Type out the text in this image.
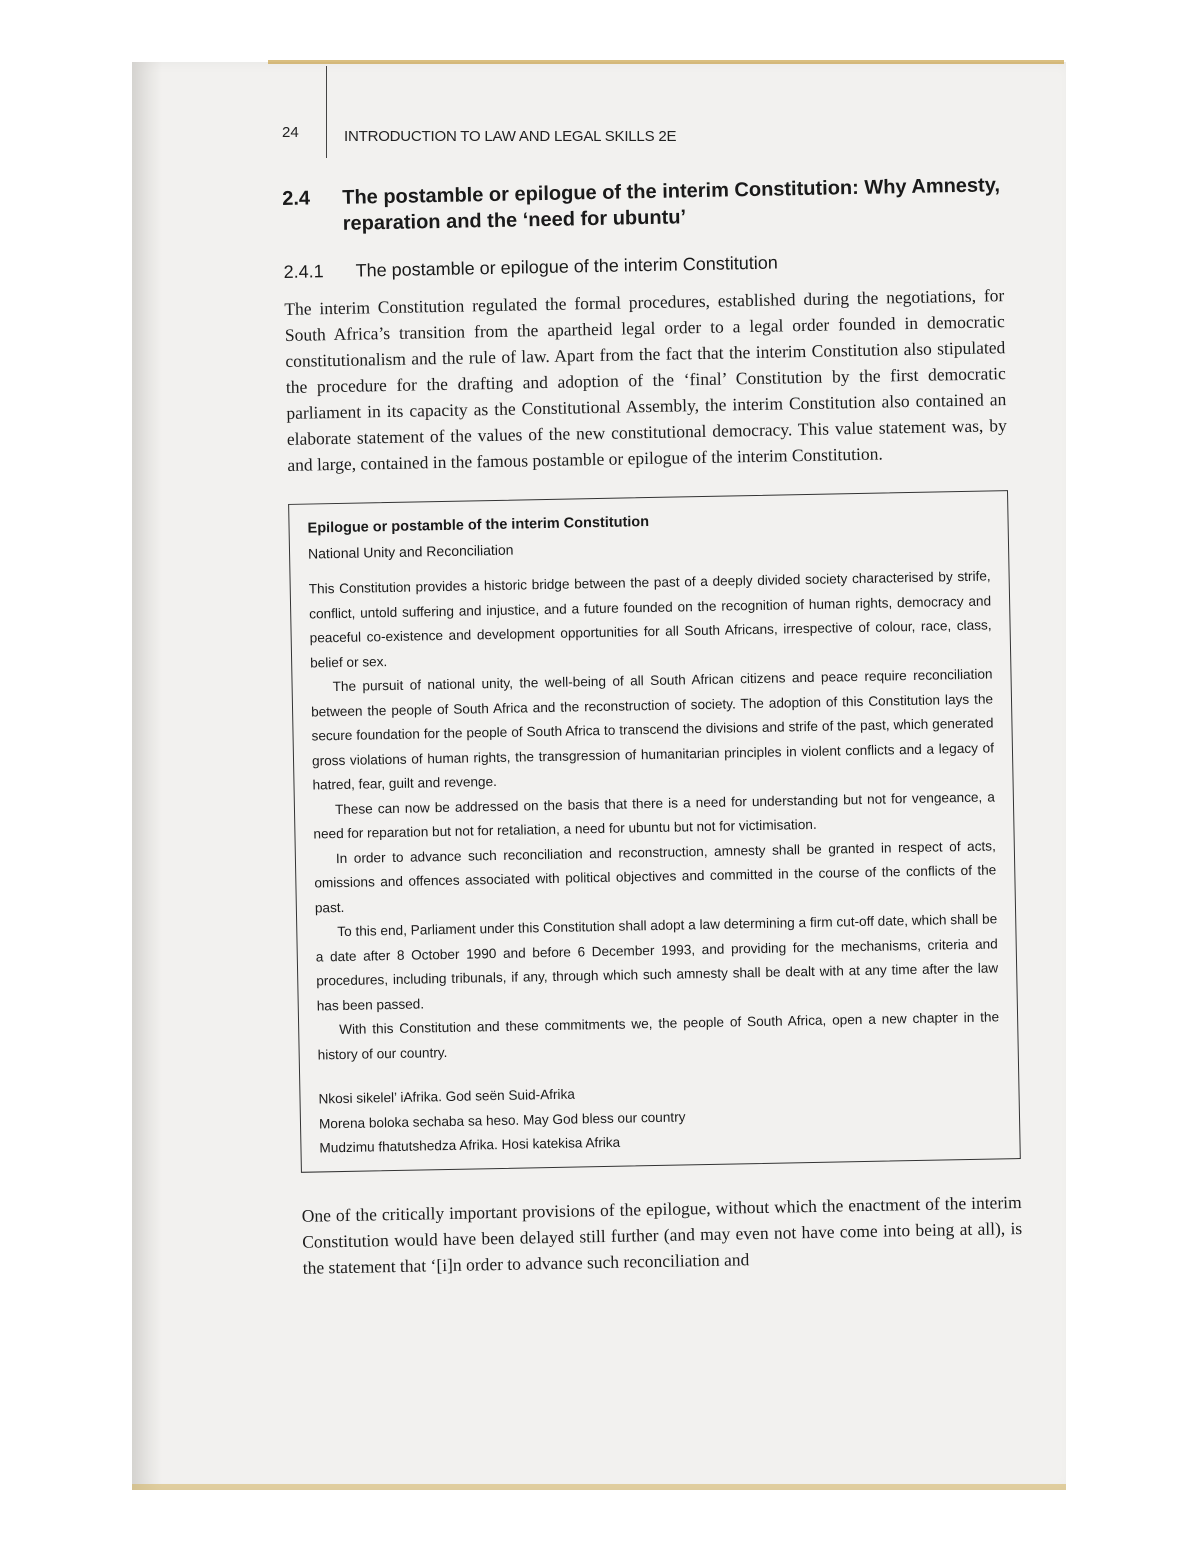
24	INTRODUCTION TO LAW AND LEGAL SKILLS 2E
2.4	The postamble or epilogue of the interim Constitution: Why Amnesty, reparation and the ‘need for ubuntu’
2.4.1	The postamble or epilogue of the interim Constitution

The interim Constitution regulated the formal procedures, established during the negotiations, for South Africa’s transition from the apartheid legal order to a legal order founded in democratic constitutionalism and the rule of law. Apart from the fact that the interim Constitution also stipulated the procedure for the drafting and adoption of the ‘final’ Constitution by the first democratic parliament in its capacity as the Constitutional Assembly, the interim Constitution also contained an elaborate statement of the values of the new constitutional democracy. This value statement was, by and large, contained in the famous postamble or epilogue of the interim Constitution.

Epilogue or postamble of the interim Constitution
National Unity and Reconciliation

This Constitution provides a historic bridge between the past of a deeply divided society characterised by strife, conflict, untold suffering and injustice, and a future founded on the recognition of human rights, democracy and peaceful co-existence and development opportunities for all South Africans, irrespective of colour, race, class, belief or sex.

The pursuit of national unity, the well-being of all South African citizens and peace require reconciliation between the people of South Africa and the reconstruction of society. The adoption of this Constitution lays the secure foundation for the people of South Africa to transcend the divisions and strife of the past, which generated gross violations of human rights, the transgression of humanitarian principles in violent conflicts and a legacy of hatred, fear, guilt and revenge.

These can now be addressed on the basis that there is a need for understanding but not for vengeance, a need for reparation but not for retaliation, a need for ubuntu but not for victimisation.

In order to advance such reconciliation and reconstruction, amnesty shall be granted in respect of acts, omissions and offences associated with political objectives and committed in the course of the conflicts of the past.

To this end, Parliament under this Constitution shall adopt a law determining a firm cut-off date, which shall be a date after 8 October 1990 and before 6 December 1993, and providing for the mechanisms, criteria and procedures, including tribunals, if any, through which such amnesty shall be dealt with at any time after the law has been passed.

With this Constitution and these commitments we, the people of South Africa, open a new chapter in the history of our country.

Nkosi sikelel’ iAfrika. God seën Suid-Afrika
Morena boloka sechaba sa heso. May God bless our country
Mudzimu fhatutshedza Afrika. Hosi katekisa Afrika

One of the critically important provisions of the epilogue, without which the enactment of the interim Constitution would have been delayed still further (and may even not have come into being at all), is the statement that ‘[i]n order to advance such reconciliation and
